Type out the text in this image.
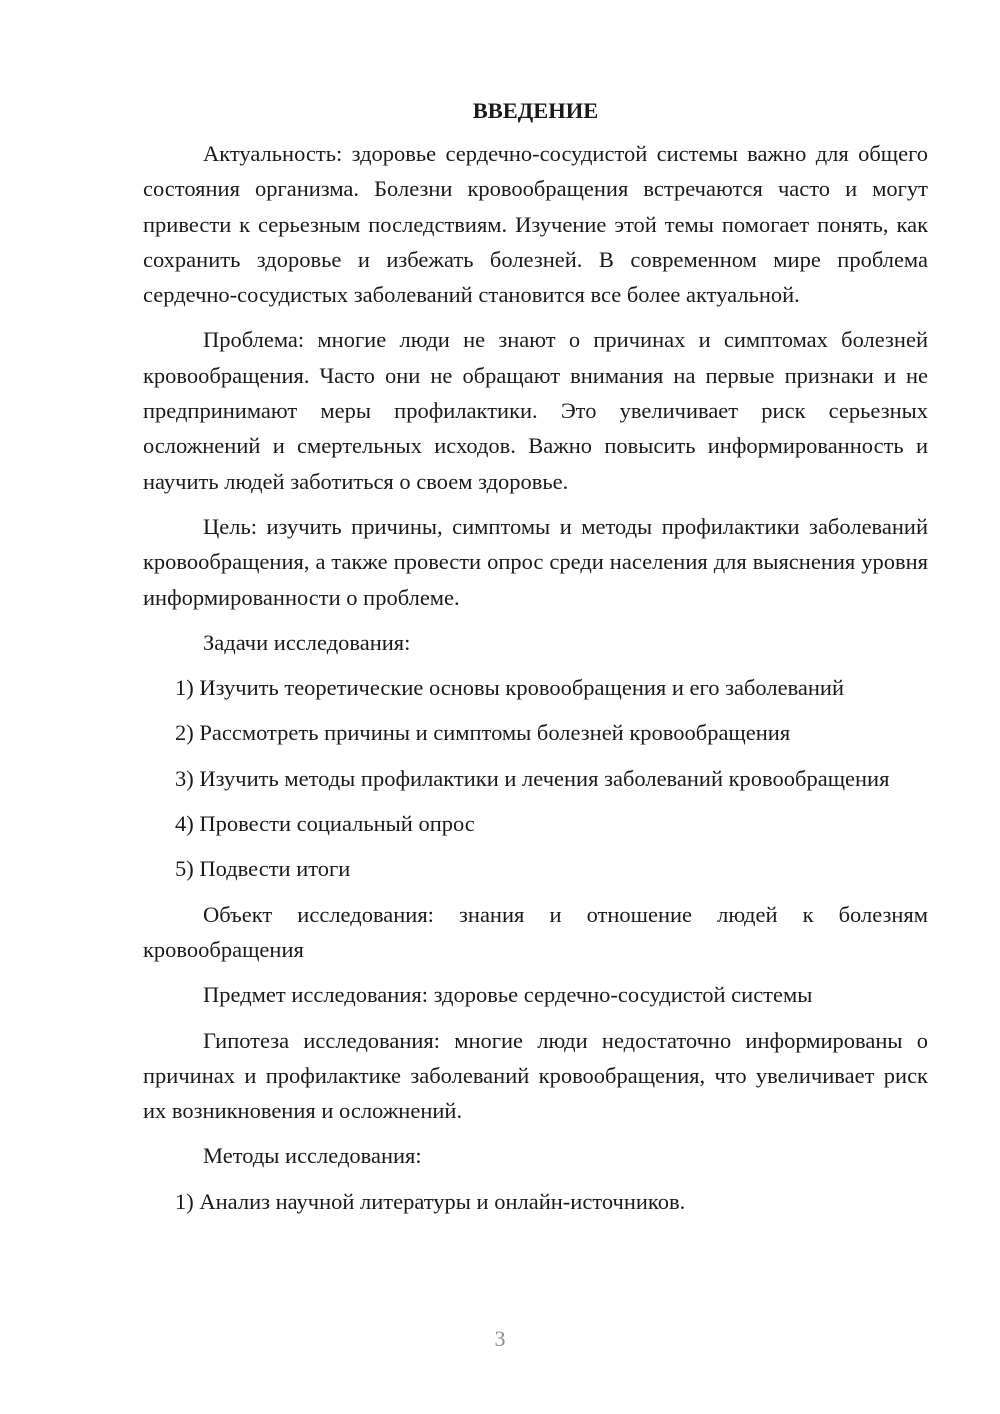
ВВЕДЕНИЕ

Актуальность: здоровье сердечно-сосудистой системы важно для общего состояния организма. Болезни кровообращения встречаются часто и могут привести к серьезным последствиям. Изучение этой темы помогает понять, как сохранить здоровье и избежать болезней. В современном мире проблема сердечно-сосудистых заболеваний становится все более актуальной.

Проблема: многие люди не знают о причинах и симптомах болезней кровообращения. Часто они не обращают внимания на первые признаки и не предпринимают меры профилактики. Это увеличивает риск серьезных осложнений и смертельных исходов. Важно повысить информированность и научить людей заботиться о своем здоровье.

Цель: изучить причины, симптомы и методы профилактики заболеваний кровообращения, а также провести опрос среди населения для выяснения уровня информированности о проблеме.

Задачи исследования:

1) Изучить теоретические основы кровообращения и его заболеваний

2) Рассмотреть причины и симптомы болезней кровообращения

3) Изучить методы профилактики и лечения заболеваний кровообращения

4) Провести социальный опрос

5) Подвести итоги

Объект исследования: знания и отношение людей к болезням кровообращения

Предмет исследования: здоровье сердечно-сосудистой системы

Гипотеза исследования: многие люди недостаточно информированы о причинах и профилактике заболеваний кровообращения, что увеличивает риск их возникновения и осложнений.

Методы исследования:

1) Анализ научной литературы и онлайн-источников.

3
